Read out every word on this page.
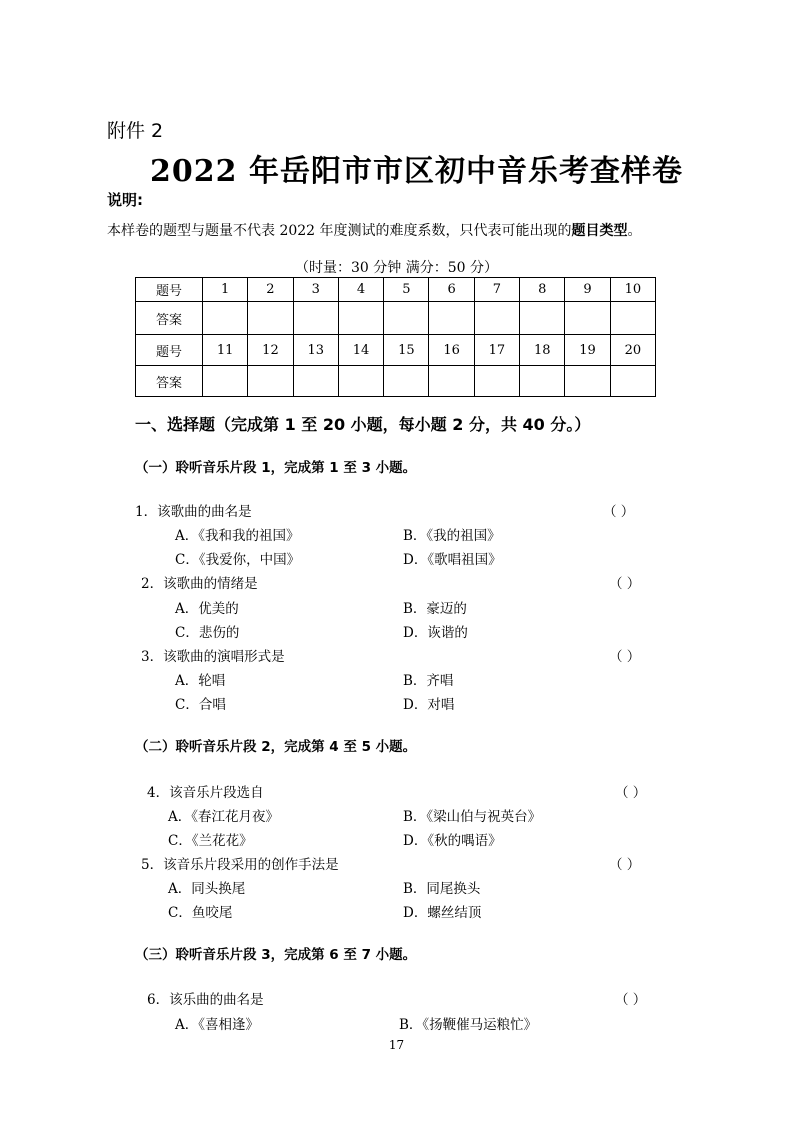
附件 2
2022 年岳阳市市区初中音乐考查样卷
说明:
本样卷的题型与题量不代表 2022 年度测试的难度系数，只代表可能出现的题目类型。
（时量：30 分钟 满分：50 分）
题号	1	2	3	4	5	6	7	8	9	10
答案										
题号	11	12	13	14	15	16	17	18	19	20
答案										
一、选择题（完成第 1 至 20 小题，每小题 2 分，共 40 分。）
（一）聆听音乐片段 1，完成第 1 至 3 小题。
1．该歌曲的曲名是	（ ）
A．《我和我的祖国》	B．《我的祖国》
C．《我爱你，中国》	D．《歌唱祖国》
2．该歌曲的情绪是	（ ）
A．优美的	B．豪迈的
C．悲伤的	D．诙谐的
3．该歌曲的演唱形式是	（ ）
A．轮唱	B．齐唱
C．合唱	D．对唱
（二）聆听音乐片段 2，完成第 4 至 5 小题。
4．该音乐片段选自	（ ）
A．《春江花月夜》	B．《梁山伯与祝英台》
C．《兰花花》	D．《秋的喁语》
5．该音乐片段采用的创作手法是	（ ）
A．同头换尾	B．同尾换头
C．鱼咬尾	D．螺丝结顶
（三）聆听音乐片段 3，完成第 6 至 7 小题。
6．该乐曲的曲名是	（ ）
A．《喜相逢》	B．《扬鞭催马运粮忙》
17
